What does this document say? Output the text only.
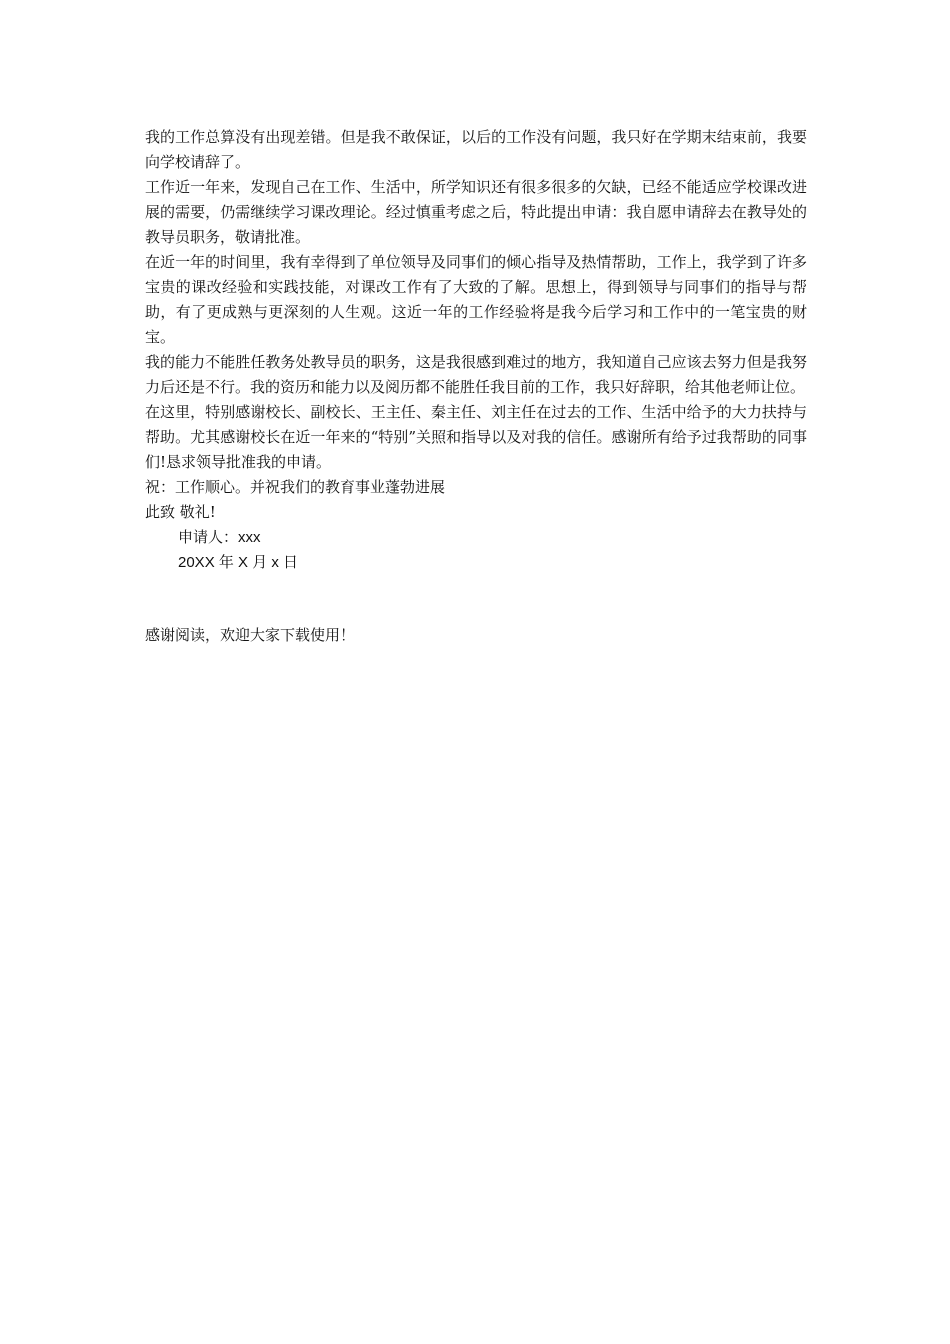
我的工作总算没有出现差错。但是我不敢保证，以后的工作没有问题，我只好在学期末结束前，我要向学校请辞了。

工作近一年来，发现自己在工作、生活中，所学知识还有很多很多的欠缺，已经不能适应学校课改进展的需要，仍需继续学习课改理论。经过慎重考虑之后，特此提出申请：我自愿申请辞去在教导处的教导员职务，敬请批准。

在近一年的时间里，我有幸得到了单位领导及同事们的倾心指导及热情帮助，工作上，我学到了许多宝贵的课改经验和实践技能，对课改工作有了大致的了解。思想上，得到领导与同事们的指导与帮助，有了更成熟与更深刻的人生观。这近一年的工作经验将是我今后学习和工作中的一笔宝贵的财宝。

我的能力不能胜任教务处教导员的职务，这是我很感到难过的地方，我知道自己应该去努力但是我努力后还是不行。我的资历和能力以及阅历都不能胜任我目前的工作，我只好辞职，给其他老师让位。

在这里，特别感谢校长、副校长、王主任、秦主任、刘主任在过去的工作、生活中给予的大力扶持与帮助。尤其感谢校长在近一年来的“特别”关照和指导以及对我的信任。感谢所有给予过我帮助的同事们!恳求领导批准我的申请。

祝：工作顺心。并祝我们的教育事业蓬勃进展

此致 敬礼!

申请人：xxx

20XX 年 X 月 x 日

感谢阅读，欢迎大家下载使用！
